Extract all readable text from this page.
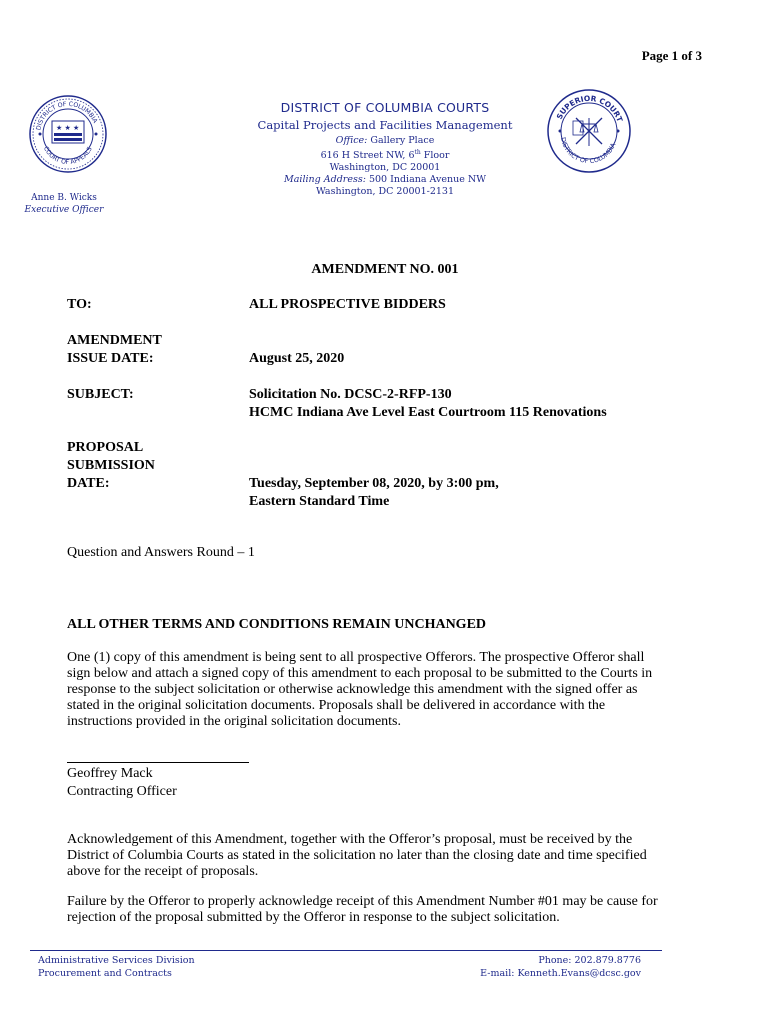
Page 1 of 3
DISTRICT OF COLUMBIA
COURT OF APPEALS
★ ★ ★
SUPERIOR COURT
DISTRICT OF COLUMBIA
DISTRICT OF COLUMBIA COURTS
Capital Projects and Facilities Management
Office: Gallery Place
616 H Street NW, 6th Floor
Washington, DC 20001
Mailing Address: 500 Indiana Avenue NW
Washington, DC 20001-2131
Anne B. Wicks
Executive Officer
AMENDMENT NO. 001
TO:	ALL PROSPECTIVE BIDDERS
AMENDMENT
ISSUE DATE:	August 25, 2020
SUBJECT:	Solicitation No. DCSC-2-RFP-130
HCMC Indiana Ave Level East Courtroom 115 Renovations
PROPOSAL
SUBMISSION
DATE:	Tuesday, September 08, 2020, by 3:00 pm,
Eastern Standard Time
Question and Answers Round – 1
ALL OTHER TERMS AND CONDITIONS REMAIN UNCHANGED
One (1) copy of this amendment is being sent to all prospective Offerors. The prospective Offeror shall
sign below and attach a signed copy of this amendment to each proposal to be submitted to the Courts in
response to the subject solicitation or otherwise acknowledge this amendment with the signed offer as
stated in the original solicitation documents. Proposals shall be delivered in accordance with the
instructions provided in the original solicitation documents.
Geoffrey Mack
Contracting Officer
Acknowledgement of this Amendment, together with the Offeror’s proposal, must be received by the
District of Columbia Courts as stated in the solicitation no later than the closing date and time specified
above for the receipt of proposals.
Failure by the Offeror to properly acknowledge receipt of this Amendment Number #01 may be cause for
rejection of the proposal submitted by the Offeror in response to the subject solicitation.
Administrative Services Division
Procurement and Contracts
Phone: 202.879.8776
E-mail: Kenneth.Evans@dcsc.gov
